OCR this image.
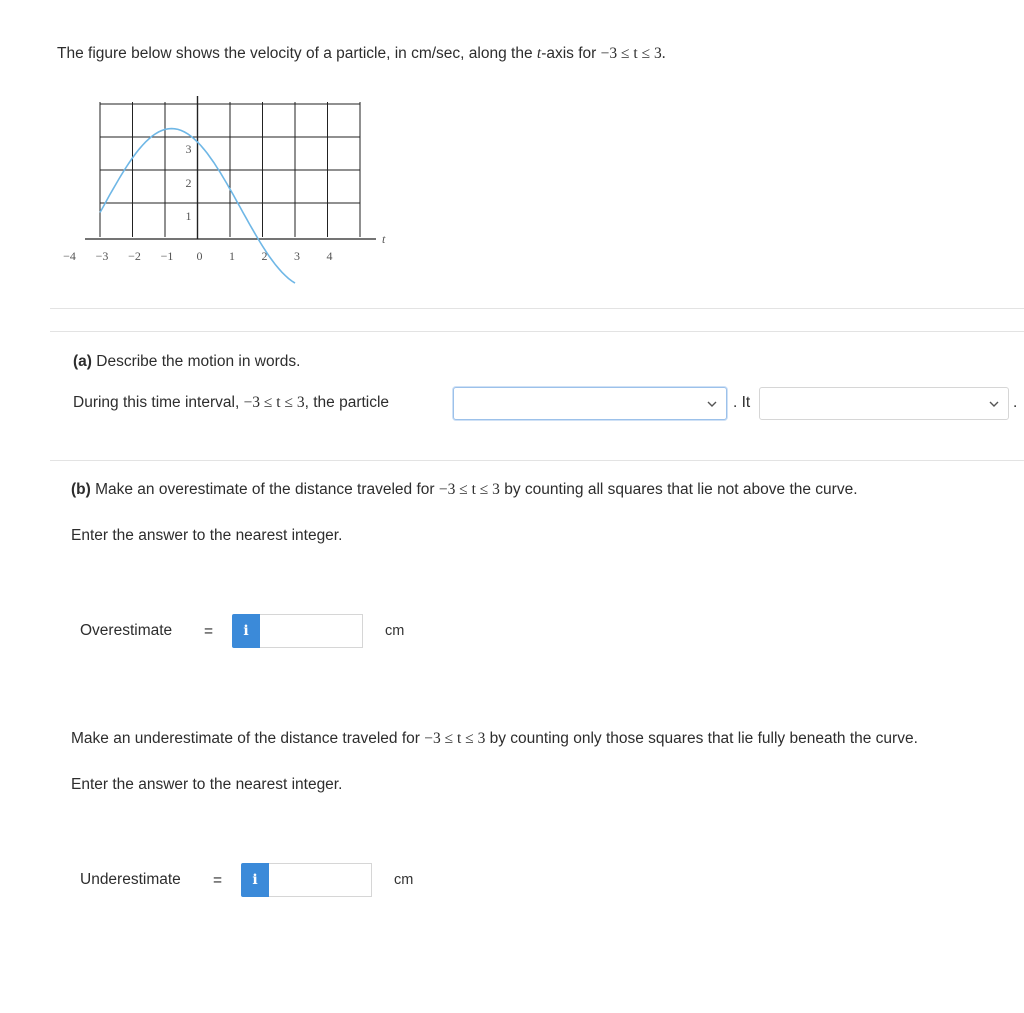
The figure below shows the velocity of a particle, in cm/sec, along the t-axis for −3 ≤ t ≤ 3.
1
2
3
−4 −3 −2 −1 0 1 2 3 4
t
(a) Describe the motion in words.
During this time interval, −3 ≤ t ≤ 3, the particle	. It	.
(b) Make an overestimate of the distance traveled for −3 ≤ t ≤ 3 by counting all squares that lie not above the curve.
Enter the answer to the nearest integer.
Overestimate =	i	cm
Make an underestimate of the distance traveled for −3 ≤ t ≤ 3 by counting only those squares that lie fully beneath the curve.
Enter the answer to the nearest integer.
Underestimate =	i	cm
